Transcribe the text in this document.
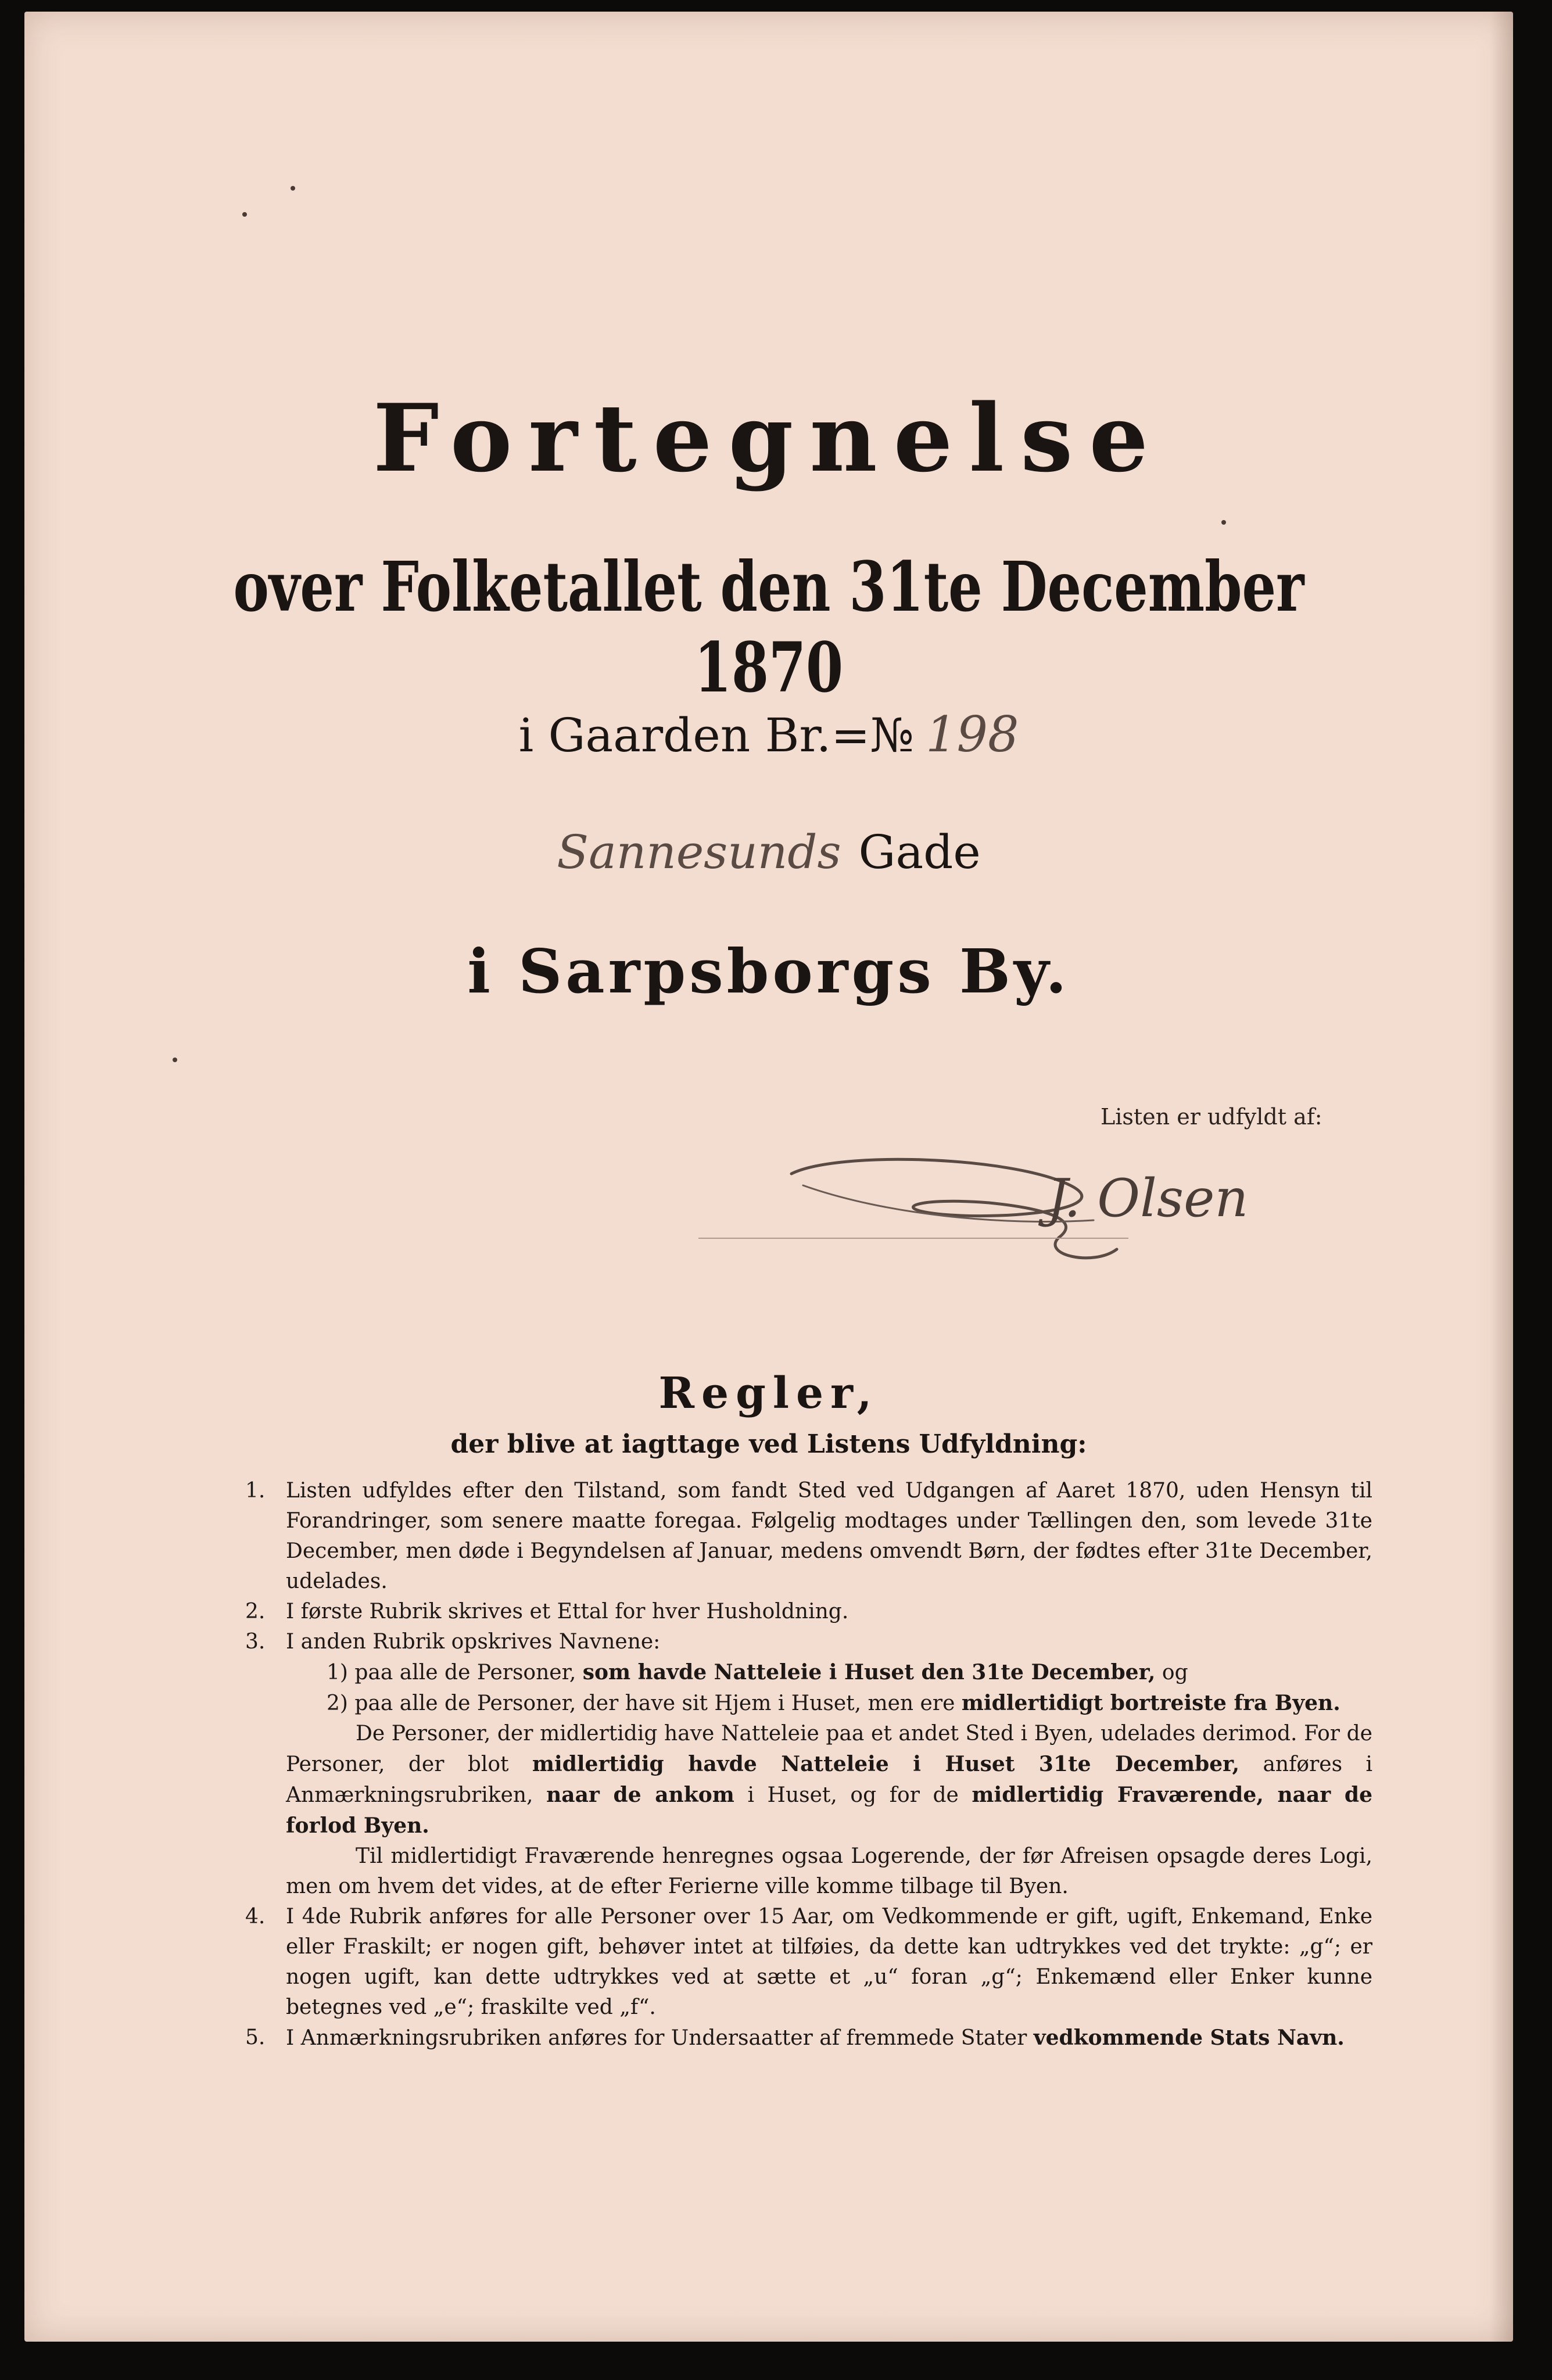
Fortegnelse
over Folketallet den 31te December 1870
i Gaarden Br.=№ 198
Sannesunds Gade
i Sarpsborgs By.
Listen er udfyldt af:
J. Olsen
Regler,
der blive at iagttage ved Listens Udfyldning:
1. Listen udfyldes efter den Tilstand, som fandt Sted ved Udgangen af Aaret 1870, uden Hensyn til Forandringer, som senere maatte foregaa. Følgelig modtages under Tællingen den, som levede 31te December, men døde i Begyndelsen af Januar, medens omvendt Børn, der fødtes efter 31te December, udelades.
2. I første Rubrik skrives et Ettal for hver Husholdning.
3. I anden Rubrik opskrives Navnene:
1) paa alle de Personer, som havde Natteleie i Huset den 31te December, og
2) paa alle de Personer, der have sit Hjem i Huset, men ere midlertidigt bortreiste fra Byen.
De Personer, der midlertidig have Natteleie paa et andet Sted i Byen, udelades derimod. For de Personer, der blot midlertidig havde Natteleie i Huset 31te December, anføres i Anmærkningsrubriken, naar de ankom i Huset, og for de midlertidig Fraværende, naar de forlod Byen.
Til midlertidigt Fraværende henregnes ogsaa Logerende, der før Afreisen opsagde deres Logi, men om hvem det vides, at de efter Ferierne ville komme tilbage til Byen.
4. I 4de Rubrik anføres for alle Personer over 15 Aar, om Vedkommende er gift, ugift, Enkemand, Enke eller Fraskilt; er nogen gift, behøver intet at tilføies, da dette kan udtrykkes ved det trykte: „g“; er nogen ugift, kan dette udtrykkes ved at sætte et „u“ foran „g“; Enkemænd eller Enker kunne betegnes ved „e“; fraskilte ved „f“.
5. I Anmærkningsrubriken anføres for Undersaatter af fremmede Stater vedkommende Stats Navn.
